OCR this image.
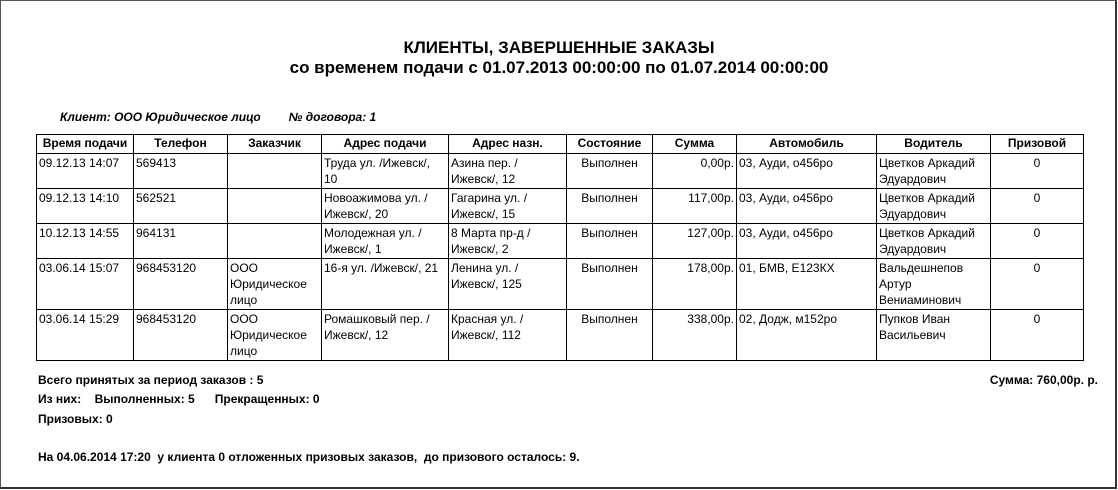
КЛИЕНТЫ, ЗАВЕРШЕННЫЕ ЗАКАЗЫ
со временем подачи с 01.07.2013 00:00:00 по 01.07.2014 00:00:00
Клиент: ООО Юридическое лицо № договора: 1
Время подачи	Телефон	Заказчик	Адрес подачи	Адрес назн.	Состояние	Сумма	Автомобиль	Водитель	Призовой
09.12.13 14:07	569413		Труда ул. /Ижевск/, 10	Азина пер. /Ижевск/, 12	Выполнен	0,00р.	03, Ауди, о456ро	Цветков Аркадий Эдуардович	0
09.12.13 14:10	562521		Новоажимова ул. /Ижевск/, 20	Гагарина ул. /Ижевск/, 15	Выполнен	117,00р.	03, Ауди, о456ро	Цветков Аркадий Эдуардович	0
10.12.13 14:55	964131		Молодежная ул. /Ижевск/, 1	8 Марта пр-д /Ижевск/, 2	Выполнен	127,00р.	03, Ауди, о456ро	Цветков Аркадий Эдуардович	0
03.06.14 15:07	968453120	ООО Юридическое лицо	16-я ул. /Ижевск/, 21	Ленина ул. /Ижевск/, 125	Выполнен	178,00р.	01, БМВ, Е123КХ	Вальдешнепов Артур Вениаминович	0
03.06.14 15:29	968453120	ООО Юридическое лицо	Ромашковый пер. /Ижевск/, 12	Красная ул. /Ижевск/, 112	Выполнен	338,00р.	02, Додж, м152ро	Пупков Иван Васильевич	0
Всего принятых за период заказов : 5	Сумма: 760,00р. р.
Из них: Выполненных: 5 Прекращенных: 0
Призовых: 0
На 04.06.2014 17:20  у клиента 0 отложенных призовых заказов,  до призового осталось: 9.
